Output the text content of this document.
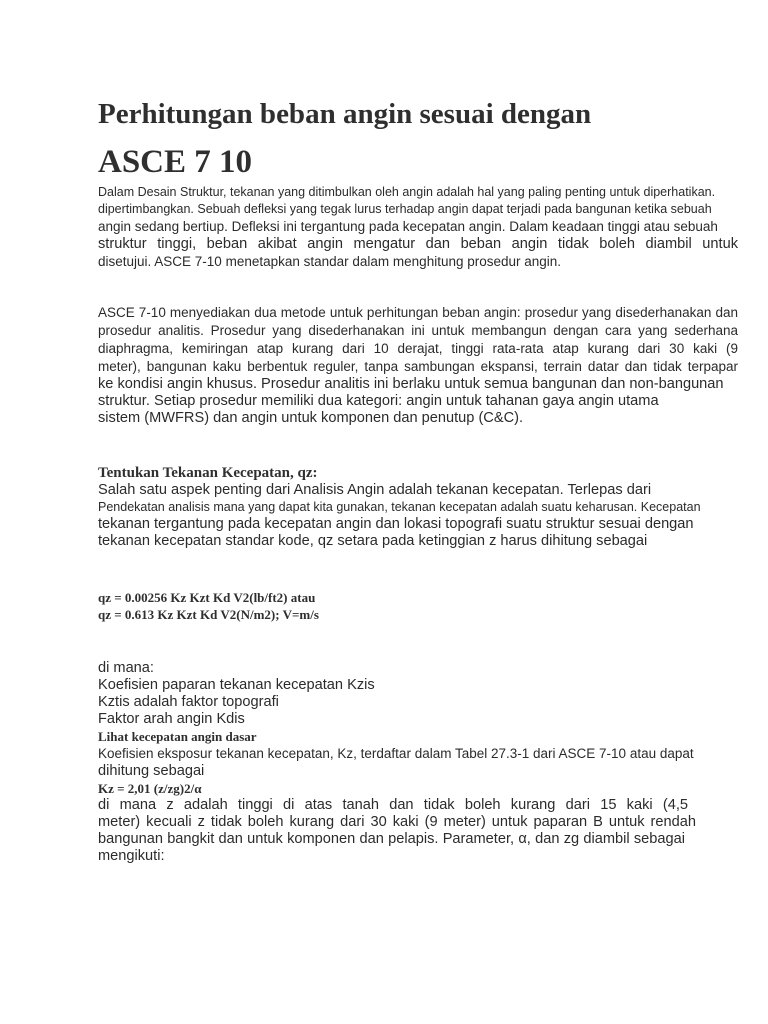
Perhitungan beban angin sesuai dengan
ASCE 7 10
Dalam Desain Struktur, tekanan yang ditimbulkan oleh angin adalah hal yang paling penting untuk diperhatikan.
dipertimbangkan. Sebuah defleksi yang tegak lurus terhadap angin dapat terjadi pada bangunan ketika sebuah
angin sedang bertiup. Defleksi ini tergantung pada kecepatan angin. Dalam keadaan tinggi atau sebuah
struktur tinggi, beban akibat angin mengatur dan beban angin tidak boleh diambil untuk
disetujui. ASCE 7-10 menetapkan standar dalam menghitung prosedur angin.
ASCE 7-10 menyediakan dua metode untuk perhitungan beban angin: prosedur yang disederhanakan dan
prosedur analitis. Prosedur yang disederhanakan ini untuk membangun dengan cara yang sederhana
diaphragma, kemiringan atap kurang dari 10 derajat, tinggi rata-rata atap kurang dari 30 kaki (9
meter), bangunan kaku berbentuk reguler, tanpa sambungan ekspansi, terrain datar dan tidak terpapar
ke kondisi angin khusus. Prosedur analitis ini berlaku untuk semua bangunan dan non-bangunan
struktur. Setiap prosedur memiliki dua kategori: angin untuk tahanan gaya angin utama
sistem (MWFRS) dan angin untuk komponen dan penutup (C&C).
Tentukan Tekanan Kecepatan, qz:
Salah satu aspek penting dari Analisis Angin adalah tekanan kecepatan. Terlepas dari
Pendekatan analisis mana yang dapat kita gunakan, tekanan kecepatan adalah suatu keharusan. Kecepatan
tekanan tergantung pada kecepatan angin dan lokasi topografi suatu struktur sesuai dengan
tekanan kecepatan standar kode, qz setara pada ketinggian z harus dihitung sebagai
qz = 0.00256 Kz Kzt Kd V2(lb/ft2) atau
qz = 0.613 Kz Kzt Kd V2(N/m2); V=m/s
di mana:
Koefisien paparan tekanan kecepatan Kzis
Kztis adalah faktor topografi
Faktor arah angin Kdis
Lihat kecepatan angin dasar
Koefisien eksposur tekanan kecepatan, Kz, terdaftar dalam Tabel 27.3-1 dari ASCE 7-10 atau dapat
dihitung sebagai
Kz = 2,01 (z/zg)2/α
di mana z adalah tinggi di atas tanah dan tidak boleh kurang dari 15 kaki (4,5
meter) kecuali z tidak boleh kurang dari 30 kaki (9 meter) untuk paparan B untuk rendah
bangunan bangkit dan untuk komponen dan pelapis. Parameter, α, dan zg diambil sebagai
mengikuti:
